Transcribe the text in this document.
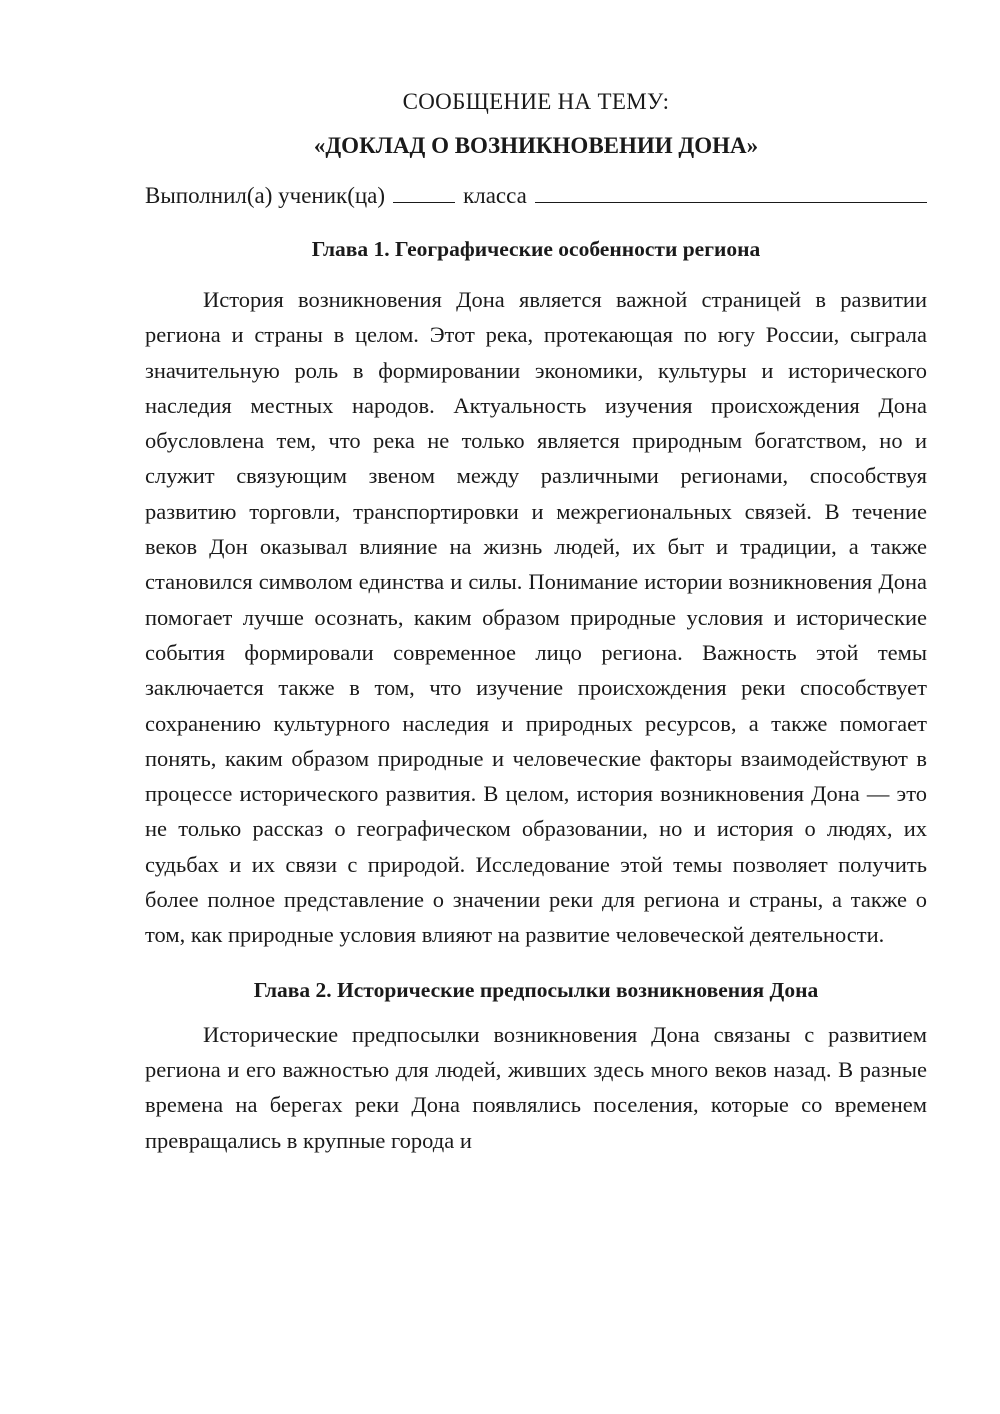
СООБЩЕНИЕ НА ТЕМУ:

«ДОКЛАД О ВОЗНИКНОВЕНИИ ДОНА»

Выполнил(а) ученик(ца)	класса
Глава 1. Географические особенности региона

История возникновения Дона является важной страницей в развитии региона и страны в целом. Этот река, протекающая по югу России, сыграла значительную роль в формировании экономики, культуры и исторического наследия местных народов. Актуальность изучения происхождения Дона обусловлена тем, что река не только является природным богатством, но и служит связующим звеном между различными регионами, способствуя развитию торговли, транспортировки и межрегиональных связей. В течение веков Дон оказывал влияние на жизнь людей, их быт и традиции, а также становился символом единства и силы. Понимание истории возникновения Дона помогает лучше осознать, каким образом природные условия и исторические события формировали современное лицо региона. Важность этой темы заключается также в том, что изучение происхождения реки способствует сохранению культурного наследия и природных ресурсов, а также помогает понять, каким образом природные и человеческие факторы взаимодействуют в процессе исторического развития. В целом, история возникновения Дона — это не только рассказ о географическом образовании, но и история о людях, их судьбах и их связи с природой. Исследование этой темы позволяет получить более полное представление о значении реки для региона и страны, а также о том, как природные условия влияют на развитие человеческой деятельности.

Глава 2. Исторические предпосылки возникновения Дона

Исторические предпосылки возникновения Дона связаны с развитием региона и его важностью для людей, живших здесь много веков назад. В разные времена на берегах реки Дона появлялись поселения, которые со временем превращались в крупные города и
